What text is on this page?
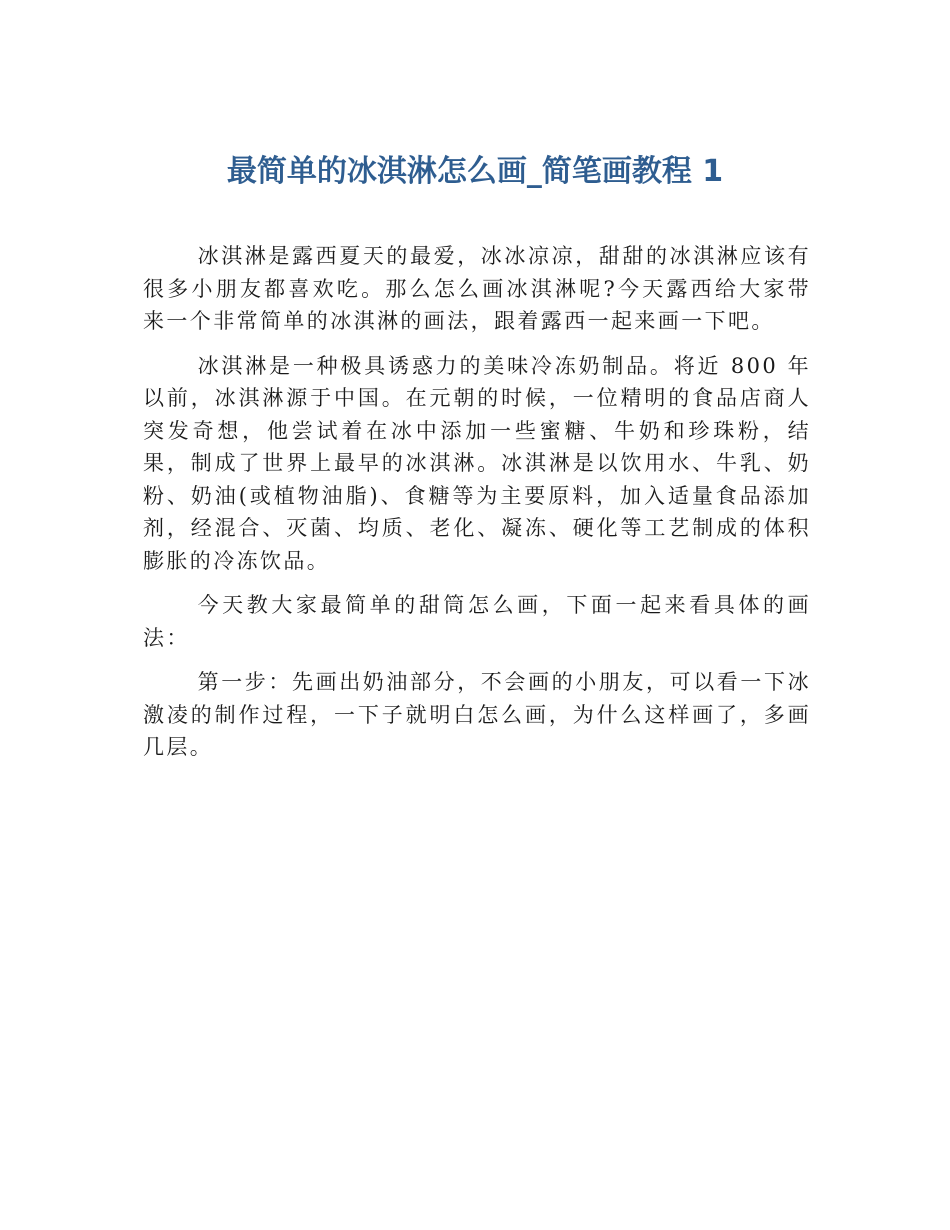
最简单的冰淇淋怎么画_简笔画教程 1

冰淇淋是露西夏天的最爱，冰冰凉凉，甜甜的冰淇淋应该有很多小朋友都喜欢吃。那么怎么画冰淇淋呢?今天露西给大家带来一个非常简单的冰淇淋的画法，跟着露西一起来画一下吧。

冰淇淋是一种极具诱惑力的美味冷冻奶制品。将近 800 年以前，冰淇淋源于中国。在元朝的时候，一位精明的食品店商人突发奇想，他尝试着在冰中添加一些蜜糖、牛奶和珍珠粉，结果，制成了世界上最早的冰淇淋。冰淇淋是以饮用水、牛乳、奶粉、奶油(或植物油脂)、食糖等为主要原料，加入适量食品添加剂，经混合、灭菌、均质、老化、凝冻、硬化等工艺制成的体积膨胀的冷冻饮品。

今天教大家最简单的甜筒怎么画，下面一起来看具体的画法：

第一步：先画出奶油部分，不会画的小朋友，可以看一下冰激凌的制作过程，一下子就明白怎么画，为什么这样画了，多画几层。
